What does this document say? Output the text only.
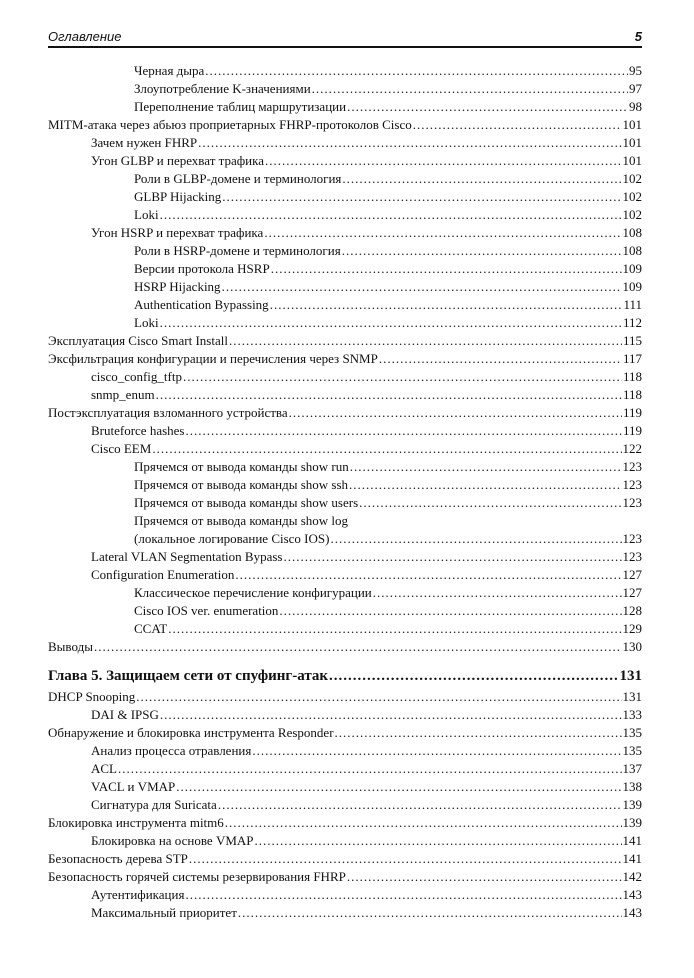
Оглавление	5
Черная дыра .....	95
Злоупотребление K-значениями .....	97
Переполнение таблиц маршрутизации .....	98
MITM-атака через абьюз проприетарных FHRP-протоколов Cisco .....	101
Зачем нужен FHRP .....	101
Угон GLBP и перехват трафика .....	101
Роли в GLBP-домене и терминология .....	102
GLBP Hijacking .....	102
Loki .....	102
Угон HSRP и перехват трафика .....	108
Роли в HSRP-домене и терминология .....	108
Версии протокола HSRP .....	109
HSRP Hijacking .....	109
Authentication Bypassing .....	111
Loki .....	112
Эксплуатация Cisco Smart Install .....	115
Эксфильтрация конфигурации и перечисления через SNMP .....	117
cisco_config_tftp .....	118
snmp_enum .....	118
Постэксплуатация взломанного устройства .....	119
Bruteforce hashes .....	119
Cisco EEM .....	122
Прячемся от вывода команды show run .....	123
Прячемся от вывода команды show ssh .....	123
Прячемся от вывода команды show users .....	123
Прячемся от вывода команды show log
(локальное логирование Cisco IOS) .....	123
Lateral VLAN Segmentation Bypass .....	123
Configuration Enumeration .....	127
Классическое перечисление конфигурации .....	127
Cisco IOS ver. enumeration .....	128
CCAT .....	129
Выводы .....	130
Глава 5. Защищаем сети от спуфинг-атак .....	131
DHCP Snooping .....	131
DAI & IPSG .....	133
Обнаружение и блокировка инструмента Responder .....	135
Анализ процесса отравления .....	135
ACL .....	137
VACL и VMAP .....	138
Сигнатура для Suricata .....	139
Блокировка инструмента mitm6 .....	139
Блокировка на основе VMAP .....	141
Безопасность дерева STP .....	141
Безопасность горячей системы резервирования FHRP .....	142
Аутентификация .....	143
Максимальный приоритет .....	143
